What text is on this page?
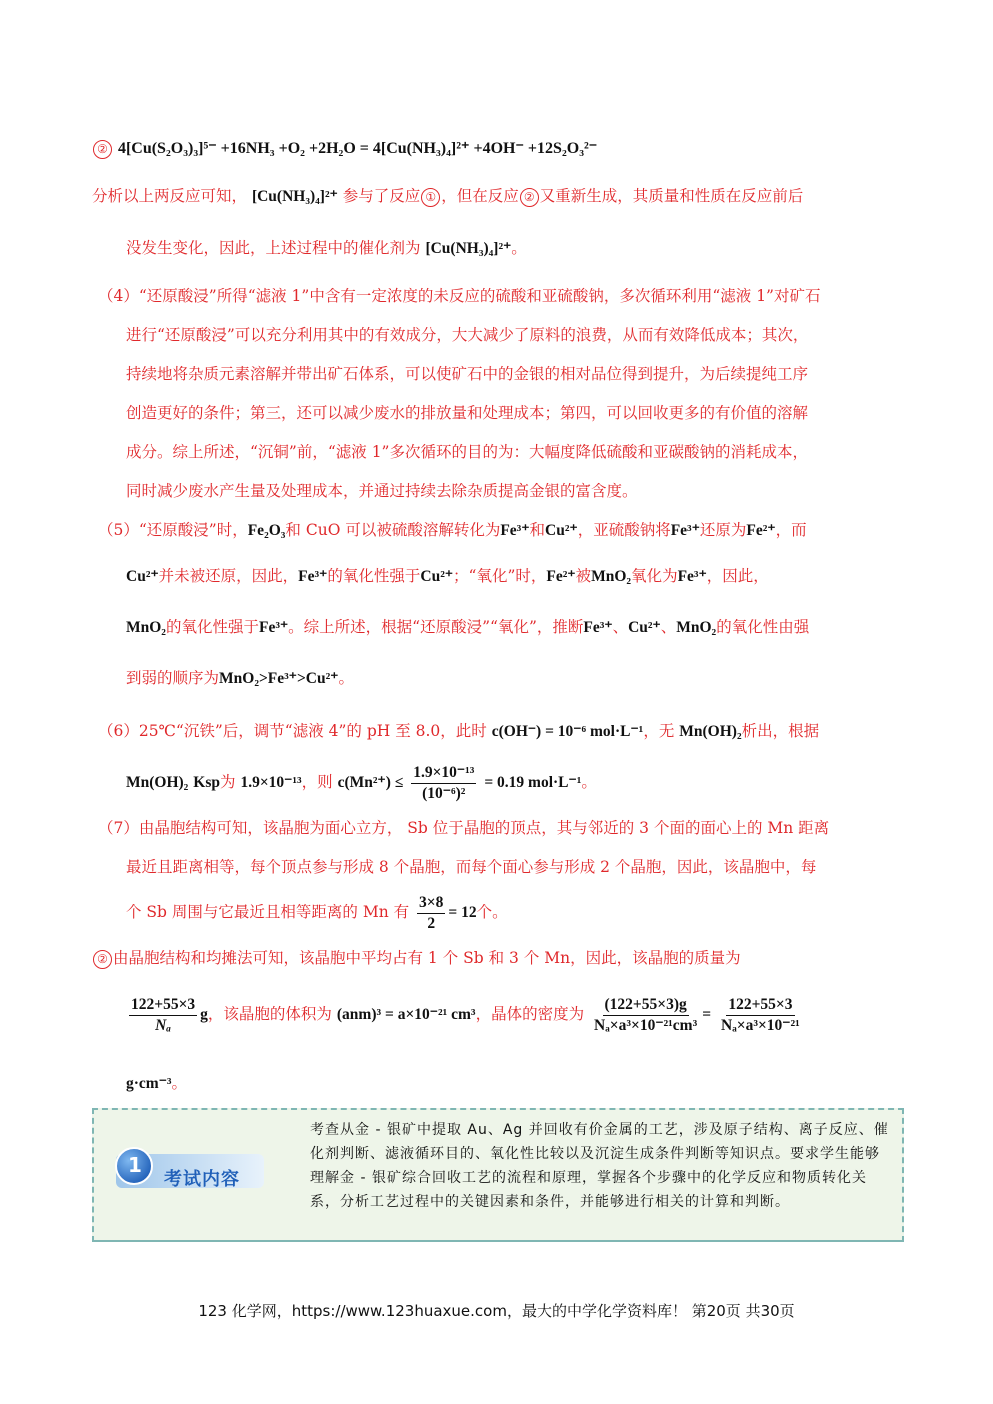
② 4[Cu(S₂O₃)₃]⁵⁻ +16NH₃ +O₂ +2H₂O = 4[Cu(NH₃)₄]²⁺ +4OH⁻ +12S₂O₃²⁻
分析以上两反应可知， [Cu(NH₃)₄]²⁺ 参与了反应 ① ，但在反应 ② 又重新生成，其质量和性质在反应前后
没发生变化，因此，上述过程中的催化剂为 [Cu(NH₃)₄]²⁺。
（4）“还原酸浸”所得“滤液 1”中含有一定浓度的未反应的硫酸和亚硫酸钠，多次循环利用“滤液 1”对矿石
进行“还原酸浸”可以充分利用其中的有效成分，大大减少了原料的浪费，从而有效降低成本；其次，
持续地将杂质元素溶解并带出矿石体系，可以使矿石中的金银的相对品位得到提升，为后续提纯工序
创造更好的条件；第三，还可以减少废水的排放量和处理成本；第四，可以回收更多的有价值的溶解
成分。综上所述，“沉铜”前，“滤液 1”多次循环的目的为：大幅度降低硫酸和亚碳酸钠的消耗成本，
同时减少废水产生量及处理成本，并通过持续去除杂质提高金银的富含度。
（5）“还原酸浸”时，Fe₂O₃和 CuO 可以被硫酸溶解转化为Fe³⁺和Cu²⁺，亚硫酸钠将Fe³⁺还原为Fe²⁺，而
Cu²⁺并未被还原，因此，Fe³⁺的氧化性强于Cu²⁺；“氧化”时，Fe²⁺被MnO₂氧化为Fe³⁺，因此，
MnO₂的氧化性强于Fe³⁺。综上所述，根据“还原酸浸”“氧化”，推断Fe³⁺、Cu²⁺、MnO₂的氧化性由强
到弱的顺序为MnO₂>Fe³⁺>Cu²⁺。
（6）25℃“沉铁”后，调节“滤液 4”的 pH 至 8.0，此时 c(OH⁻) = 10⁻⁶ mol·L⁻¹，无 Mn(OH)₂析出，根据
Mn(OH)₂ Ksp为 1.9×10⁻¹³，则 $c(Mn^{2+}) \le \frac{\text{1.9×10⁻¹³}}{\text{(10⁻⁶)²}} = 0.19$ mol·L⁻¹。
（7）由晶胞结构可知，该晶胞为面心立方， Sb 位于晶胞的顶点，其与邻近的 3 个面的面心上的 Mn 距离
最近且距离相等，每个顶点参与形成 8 个晶胞，而每个面心参与形成 2 个晶胞，因此，该晶胞中，每
个 Sb 周围与它最近且相等距离的 Mn 有 $\frac{3\times 8}{2} = 12$个。
② 由晶胞结构和均摊法可知，该晶胞中平均占有 1 个 Sb 和 3 个 Mn，因此，该晶胞的质量为
$\frac{122+55\times 3}{\text{Nₐ}}$ g，该晶胞的体积为 (anm)³ = a×10⁻²¹ cm³，晶体的密度为 $\frac{(122+55\times 3)g}{\text{Nₐ×a³×10⁻²¹cm³}} = \frac{122+55\times 3}{\text{Nₐ×a³×10⁻²¹}}$
g·cm⁻³。
1
考试内容
考查从金 - 银矿中提取 Au、Ag 并回收有价金属的工艺，涉及原子结构、离子反应、催化剂判断、滤液循环目的、氧化性比较以及沉淀生成条件判断等知识点。要求学生能够理解金 - 银矿综合回收工艺的流程和原理，掌握各个步骤中的化学反应和物质转化关系，分析工艺过程中的关键因素和条件，并能够进行相关的计算和判断。
123 化学网，https://www.123huaxue.com，最大的中学化学资料库！ 第20页 共30页
